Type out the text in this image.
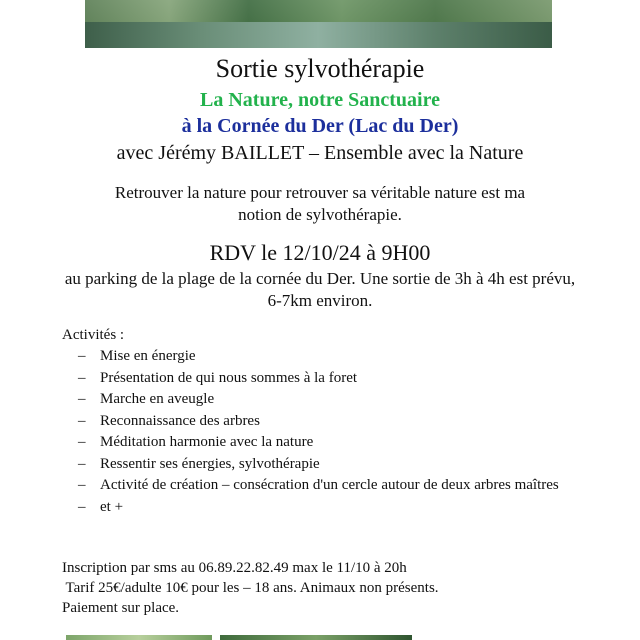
Sortie sylvothérapie
La Nature, notre Sanctuaire
à la Cornée du Der (Lac du Der)
avec Jérémy BAILLET – Ensemble avec la Nature
Retrouver la nature pour retrouver sa véritable nature est ma notion de sylvothérapie.
RDV le 12/10/24 à 9H00
au parking de la plage de la cornée du Der. Une sortie de 3h à 4h est prévu, 6-7km environ.
Activités :
– Mise en énergie
– Présentation de qui nous sommes à la foret
– Marche en aveugle
– Reconnaissance des arbres
– Méditation harmonie avec la nature
– Ressentir ses énergies, sylvothérapie
– Activité de création – consécration d'un cercle autour de deux arbres maîtres
– et +
Inscription par sms au 06.89.22.82.49 max le 11/10 à 20h
Tarif 25€/adulte 10€ pour les – 18 ans. Animaux non présents.
Paiement sur place.
